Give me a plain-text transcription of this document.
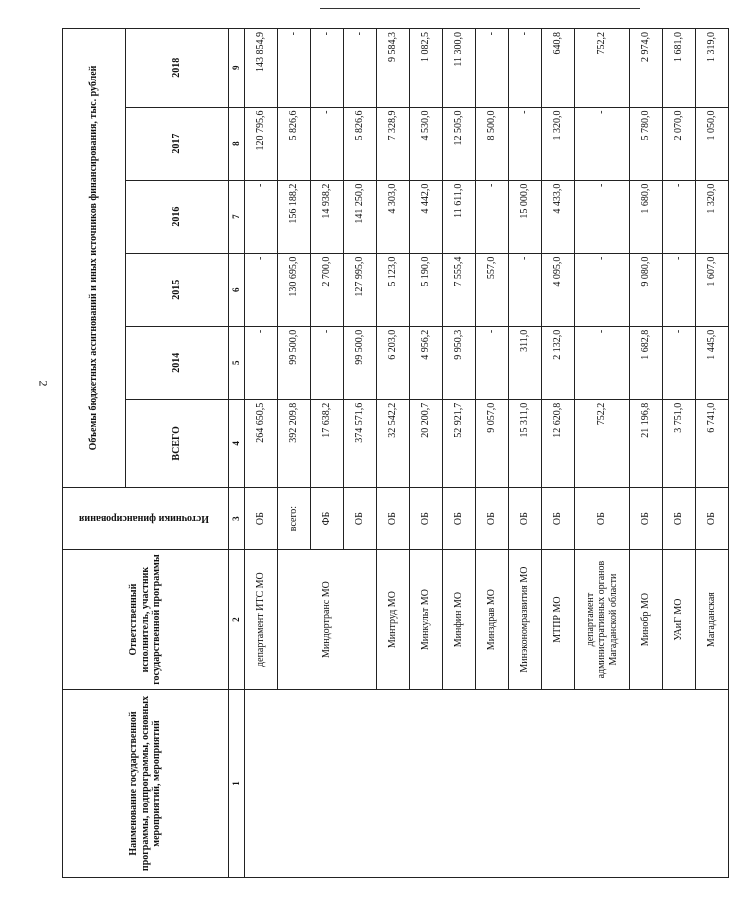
2
Наименование государственной программы, подпрограммы, основных мероприятий, мероприятий	Ответственный исполнитель, участник государственной программы	Источники финансирования	Объемы бюджетных ассигнований и иных источников финансирования, тыс. рублей					
			ВСЕГО	2014	2015	2016	2017	2018
1	2	3	4	5	6	7	8	9
	департамент ИТС МО	ОБ	264 650,5	-	-	-	120 795,6	143 854,9
	Миндортранс МО	всего:	392 209,8	99 500,0	130 695,0	156 188,2	5 826,6	-
		ФБ	17 638,2	-	2 700,0	14 938,2	-	-
		ОБ	374 571,6	99 500,0	127 995,0	141 250,0	5 826,6	-
	Минтруд МО	ОБ	32 542,2	6 203,0	5 123,0	4 303,0	7 328,9	9 584,3
	Минкульт МО	ОБ	20 200,7	4 956,2	5 190,0	4 442,0	4 530,0	1 082,5
	Минфин МО	ОБ	52 921,7	9 950,3	7 555,4	11 611,0	12 505,0	11 300,0
	Минздрав МО	ОБ	9 057,0	-	557,0	-	8 500,0	-
	Минэкономразвития МО	ОБ	15 311,0	311,0	-	15 000,0	-	-
	МТПР МО	ОБ	12 620,8	2 132,0	4 095,0	4 433,0	1 320,0	640,8
	департамент административных органов Магаданской области	ОБ	752,2	-	-	-	-	752,2
	Минобр МО	ОБ	21 196,8	1 682,8	9 080,0	1 680,0	5 780,0	2 974,0
	УАиГ МО	ОБ	3 751,0	-	-	-	2 070,0	1 681,0
	Магаданская	ОБ	6 741,0	1 445,0	1 607,0	1 320,0	1 050,0	1 319,0
